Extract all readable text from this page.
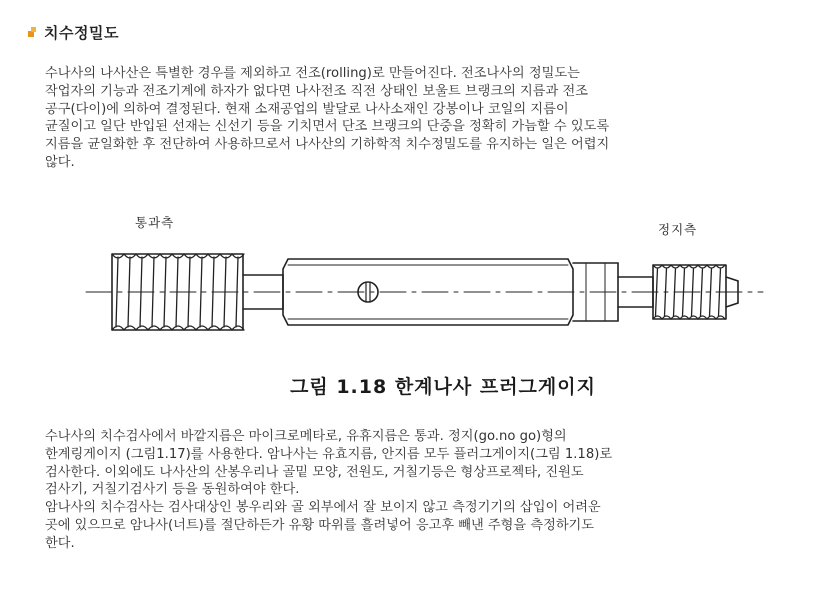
치수정밀도
수나사의 나사산은 특별한 경우를 제외하고 전조(rolling)로 만들어진다. 전조나사의 정밀도는
작업자의 기능과 전조기계에 하자가 없다면 나사전조 직전 상태인 보울트 브랭크의 지름과 전조
공구(다이)에 의하여 결정된다. 현재 소재공업의 발달로 나사소재인 강봉이나 코일의 지름이
균질이고 일단 반입된 선재는 신선기 등을 기치면서 단조 브랭크의 단중을 정확히 가늠할 수 있도록
지름을 균일화한 후 전단하여 사용하므로서 나사산의 기하학적 치수정밀도를 유지하는 일은 어렵지
않다.
통과측	정지측
그림 1.18 한계나사 프러그게이지
수나사의 치수검사에서 바깥지름은 마이크로메타로, 유휴지름은 통과. 정지(go.no go)형의
한계링게이지 (그림1.17)를 사용한다. 암나사는 유효지름, 안지름 모두 플러그게이지(그림 1.18)로
검사한다. 이외에도 나사산의 산봉우리나 골밑 모양, 전원도, 거칠기등은 형상프로젝타, 진원도
검사기, 거칠기검사기 등을 동원하여야 한다.
암나사의 치수검사는 검사대상인 봉우리와 골 외부에서 잘 보이지 않고 측정기기의 삽입이 어려운
곳에 있으므로 암나사(너트)를 절단하든가 유황 따위를 흘려넣어 응고후 빼낸 주형을 측정하기도
한다.
